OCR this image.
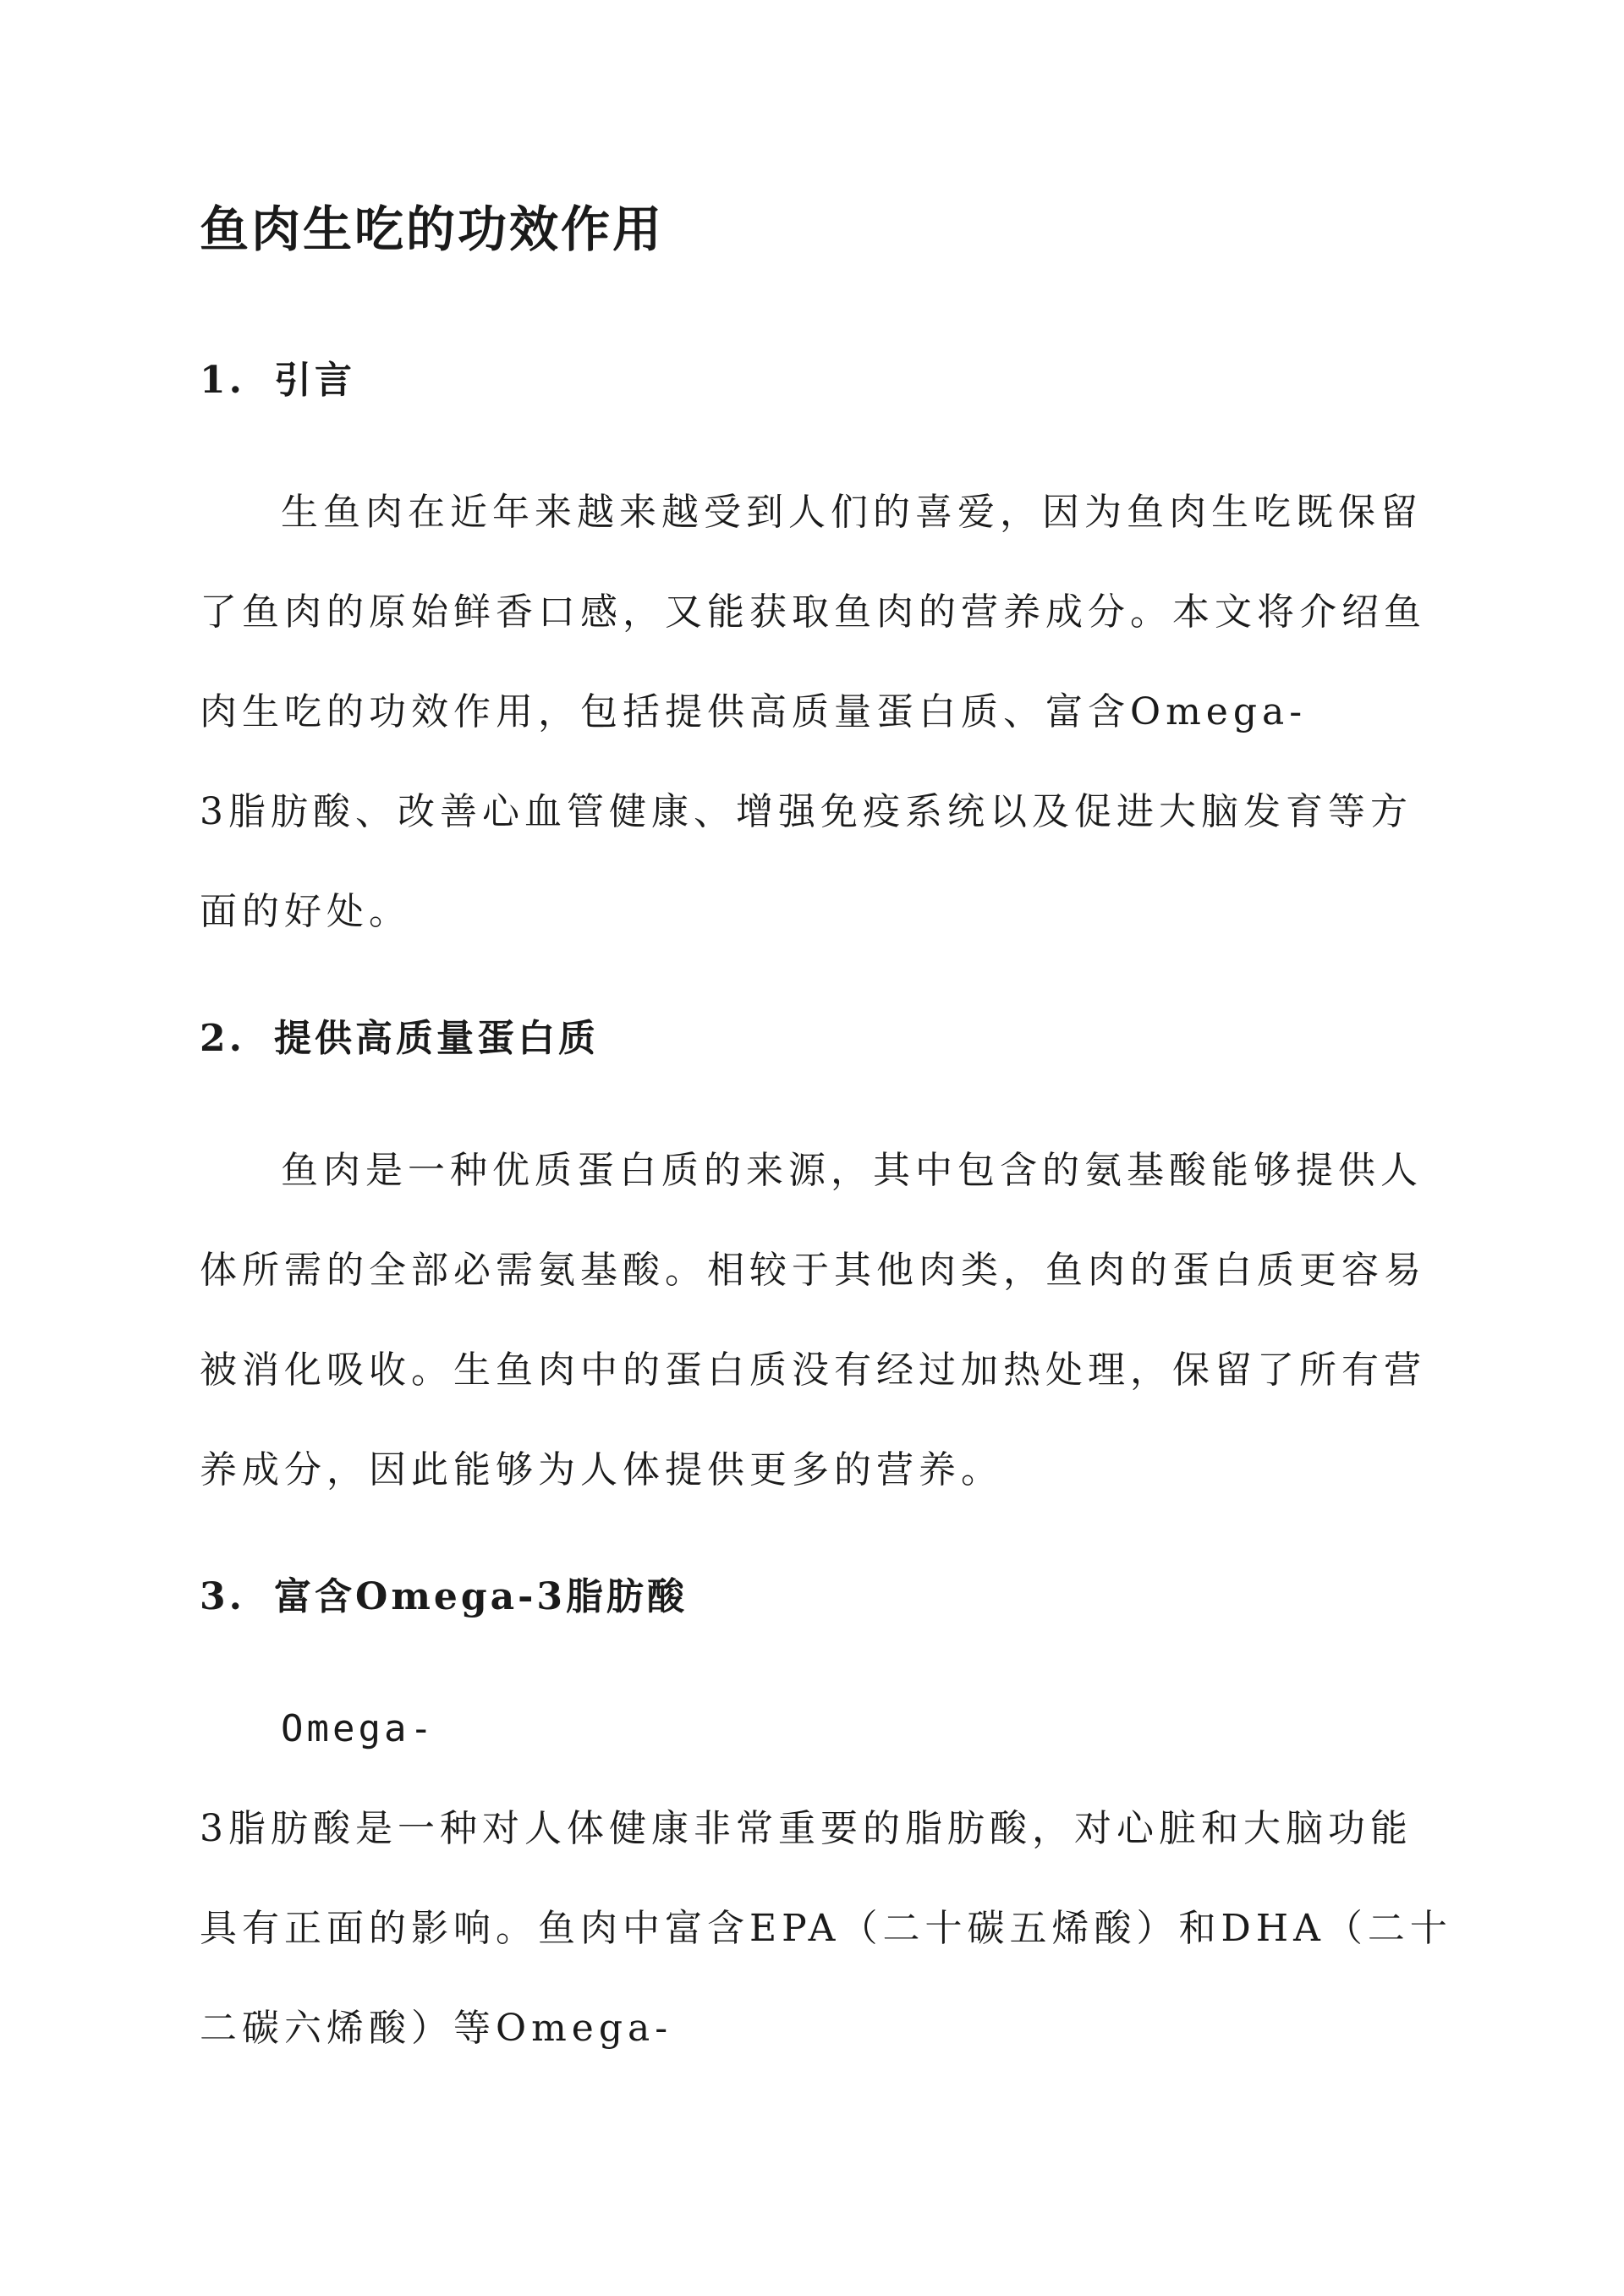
鱼肉生吃的功效作用
1. 引言

生鱼肉在近年来越来越受到人们的喜爱，因为鱼肉生吃既保留

了鱼肉的原始鲜香口感，又能获取鱼肉的营养成分。本文将介绍鱼

肉生吃的功效作用，包括提供高质量蛋白质、富含Omega-

3脂肪酸、改善心血管健康、增强免疫系统以及促进大脑发育等方

面的好处。

2. 提供高质量蛋白质

鱼肉是一种优质蛋白质的来源，其中包含的氨基酸能够提供人

体所需的全部必需氨基酸。相较于其他肉类，鱼肉的蛋白质更容易

被消化吸收。生鱼肉中的蛋白质没有经过加热处理，保留了所有营

养成分，因此能够为人体提供更多的营养。

3. 富含Omega-3脂肪酸

Omega-

3脂肪酸是一种对人体健康非常重要的脂肪酸，对心脏和大脑功能

具有正面的影响。鱼肉中富含EPA（二十碳五烯酸）和DHA（二十

二碳六烯酸）等Omega-
